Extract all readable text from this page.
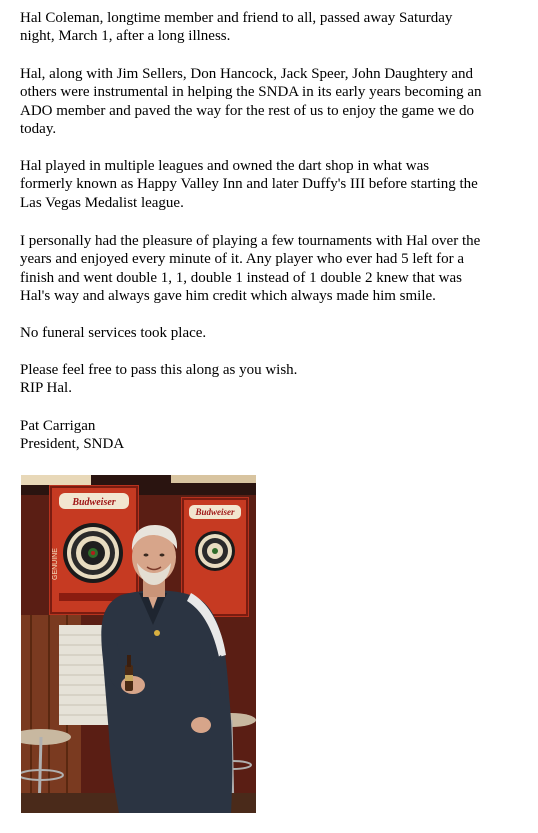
Hal Coleman, longtime member and friend to all, passed away Saturday
night, March 1, after a long illness.

Hal, along with Jim Sellers, Don Hancock, Jack Speer, John Daughtery and
others were instrumental in helping the SNDA in its early years becoming an
ADO member and paved the way for the rest of us to enjoy the game we do
today.

Hal played in multiple leagues and owned the dart shop in what was
formerly known as Happy Valley Inn and later Duffy's III before starting the
Las Vegas Medalist league.

I personally had the pleasure of playing a few tournaments with Hal over the
years and enjoyed every minute of it. Any player who ever had 5 left for a
finish and went double 1, 1, double 1 instead of 1 double 2 knew that was
Hal's way and always gave him credit which always made him smile.

No funeral services took place.

Please feel free to pass this along as you wish.
RIP Hal.

Pat Carrigan
President, SNDA

Budweiser
GENUINE
Budweiser
